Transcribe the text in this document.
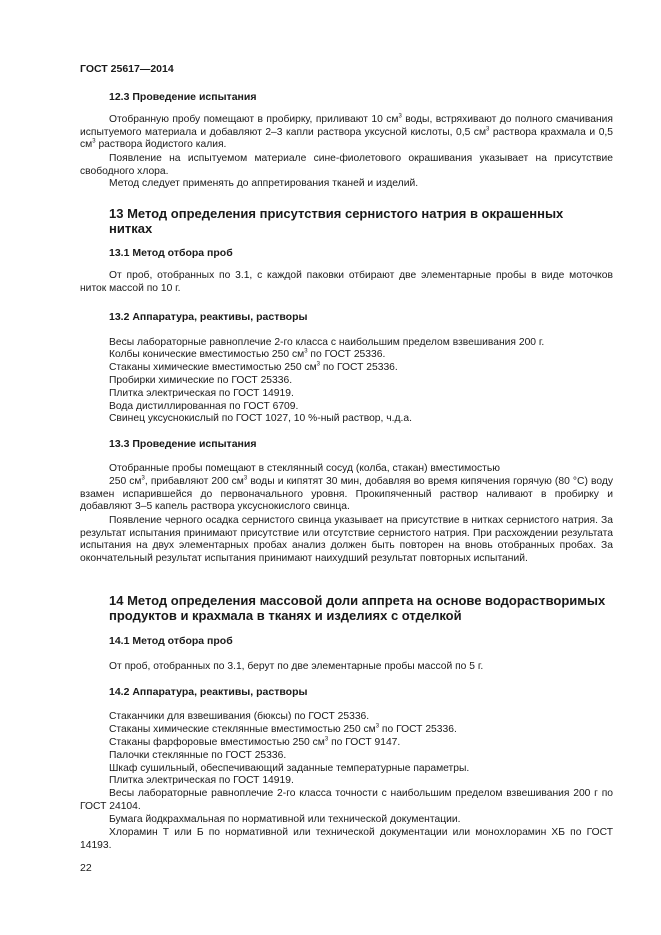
ГОСТ 25617—2014
12.3 Проведение испытания
Отобранную пробу помещают в пробирку, приливают 10 $см^3$ воды, встряхивают до полного смачивания испытуемого материала и добавляют 2–3 капли раствора уксусной кислоты, 0,5 $см^3$ раствора крахмала и 0,5 $см^3$ раствора йодистого калия.
Появление на испытуемом материале сине-фиолетового окрашивания указывает на присутствие свободного хлора.
Метод следует применять до аппретирования тканей и изделий.
13 Метод определения присутствия сернистого натрия в окрашенных нитках
13.1 Метод отбора проб
От проб, отобранных по 3.1, с каждой паковки отбирают две элементарные пробы в виде моточков ниток массой по 10 г.
13.2 Аппаратура, реактивы, растворы
Весы лабораторные равноплечие 2-го класса с наибольшим пределом взвешивания 200 г.
Колбы конические вместимостью 250 $см^3$ по ГОСТ 25336.
Стаканы химические вместимостью 250 $см^3$ по ГОСТ 25336.
Пробирки химические по ГОСТ 25336.
Плитка электрическая по ГОСТ 14919.
Вода дистиллированная по ГОСТ 6709.
Свинец уксуснокислый по ГОСТ 1027, 10 %-ный раствор, ч.д.а.
13.3 Проведение испытания
Отобранные пробы помещают в стеклянный сосуд (колба, стакан) вместимостью
250 $см^3$, прибавляют 200 $см^3$ воды и кипятят 30 мин, добавляя во время кипячения горячую (80 °С) воду взамен испарившейся до первоначального уровня. Прокипяченный раствор наливают в пробирку и добавляют 3–5 капель раствора уксуснокислого свинца.
Появление черного осадка сернистого свинца указывает на присутствие в нитках сернистого натрия. За результат испытания принимают присутствие или отсутствие сернистого натрия. При расхождении результата испытания на двух элементарных пробах анализ должен быть повторен на вновь отобранных пробах. За окончательный результат испытания принимают наихудший результат повторных испытаний.
14 Метод определения массовой доли аппрета на основе водорастворимых продуктов и крахмала в тканях и изделиях с отделкой
14.1 Метод отбора проб
От проб, отобранных по 3.1, берут по две элементарные пробы массой по 5 г.
14.2 Аппаратура, реактивы, растворы
Стаканчики для взвешивания (бюксы) по ГОСТ 25336.
Стаканы химические стеклянные вместимостью 250 $см^3$ по ГОСТ 25336.
Стаканы фарфоровые вместимостью 250 $см^3$ по ГОСТ 9147.
Палочки стеклянные по ГОСТ 25336.
Шкаф сушильный, обеспечивающий заданные температурные параметры.
Плитка электрическая по ГОСТ 14919.
Весы лабораторные равноплечие 2-го класса точности с наибольшим пределом взвешивания 200 г по ГОСТ 24104.
Бумага йодкрахмальная по нормативной или технической документации.
Хлорамин Т или Б по нормативной или технической документации или монохлорамин ХБ по ГОСТ 14193.
22
